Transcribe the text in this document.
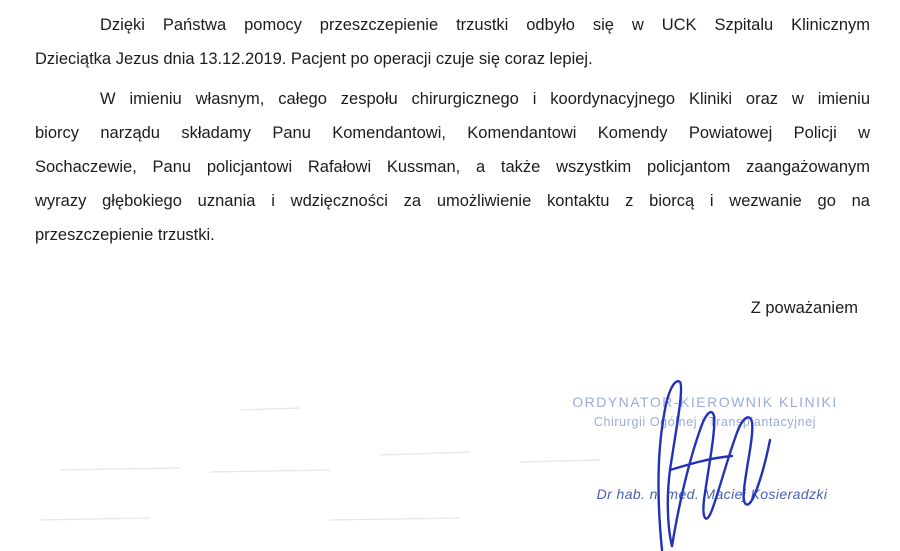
Dzięki Państwa pomocy przeszczepienie trzustki odbyło się w UCK Szpitalu Klinicznym
Dzieciątka Jezus dnia 13.12.2019. Pacjent po operacji czuje się coraz lepiej.
W imieniu własnym, całego zespołu chirurgicznego i koordynacyjnego Kliniki oraz w imieniu
biorcy narządu składamy Panu Komendantowi, Komendantowi Komendy Powiatowej Policji w
Sochaczewie, Panu policjantowi Rafałowi Kussman, a także wszystkim policjantom zaangażowanym
wyrazy głębokiego uznania i wdzięczności za umożliwienie kontaktu z biorcą i wezwanie go na
przeszczepienie trzustki.

Z poważaniem

ORDYNATOR-KIEROWNIK KLINIKI
Chirurgii Ogólnej i Transplantacyjnej
Dr hab. n. med. Maciej Kosieradzki
